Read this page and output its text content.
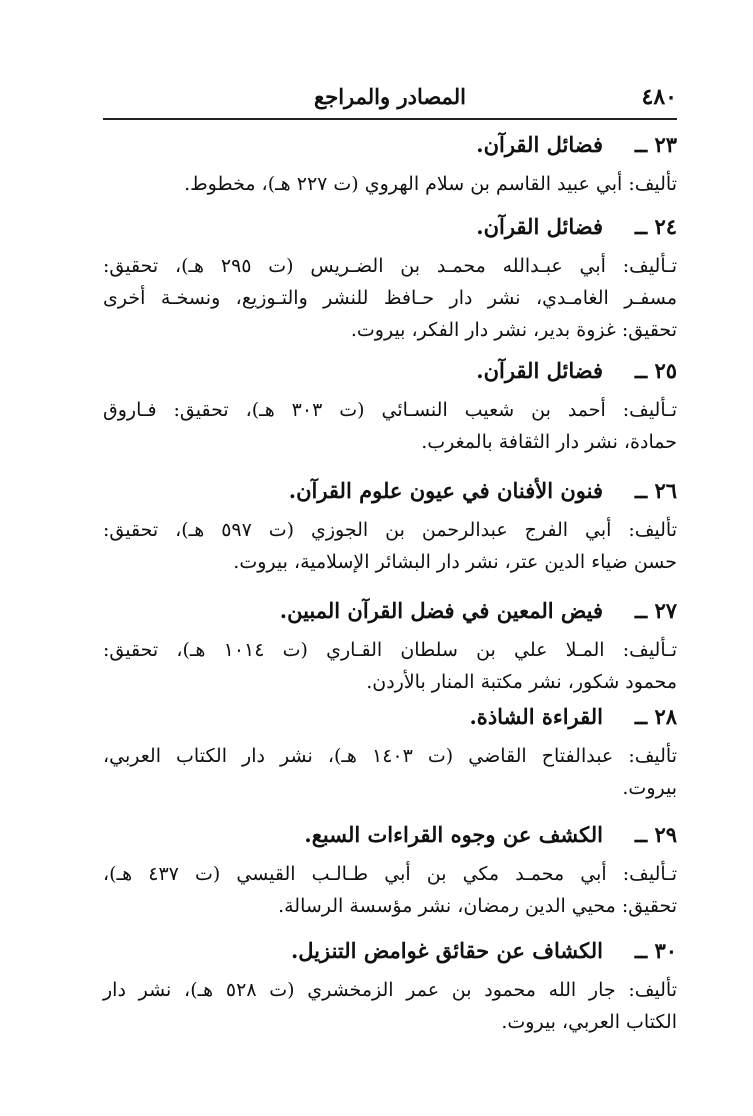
٤٨٠
المصادر والمراجع
٢٣ ــ
فضائل القرآن.
تأليف: أبي عبيد القاسم بن سلام الهروي (ت ٢٢٧ هـ)، مخطوط.
٢٤ ــ
فضائل القرآن.
تـأليف: أبي عبـدالله محمـد بن الضـريس (ت ٢٩٥ هـ)، تحقيق:
مسفـر الغامـدي، نشر دار حـافظ للنشر والتـوزيع، ونسخـة أخرى
تحقيق: غزوة بدير، نشر دار الفكر، بيروت.
٢٥ ــ
فضائل القرآن.
تـأليف: أحمد بن شعيب النسـائي (ت ٣٠٣ هـ)، تحقيق: فـاروق
حمادة، نشر دار الثقافة بالمغرب.
٢٦ ــ
فنون الأفنان في عيون علوم القرآن.
تأليف: أبي الفرج عبدالرحمن بن الجوزي (ت ٥٩٧ هـ)، تحقيق:
حسن ضياء الدين عتر، نشر دار البشائر الإسلامية، بيروت.
٢٧ ــ
فيض المعين في فضل القرآن المبين.
تـأليف: المـلا علي بن سلطان القـاري (ت ١٠١٤ هـ)، تحقيق:
محمود شكور، نشر مكتبة المنار بالأردن.
٢٨ ــ
القراءة الشاذة.
تأليف: عبدالفتاح القاضي (ت ١٤٠٣ هـ)، نشر دار الكتاب العربي،
بيروت.
٢٩ ــ
الكشف عن وجوه القراءات السبع.
تـأليف: أبي محمـد مكي بن أبي طـالـب القيسي (ت ٤٣٧ هـ)،
تحقيق: محيي الدين رمضان، نشر مؤسسة الرسالة.
٣٠ ــ
الكشاف عن حقائق غوامض التنزيل.
تأليف: جار الله محمود بن عمر الزمخشري (ت ٥٢٨ هـ)، نشر دار
الكتاب العربي، بيروت.
